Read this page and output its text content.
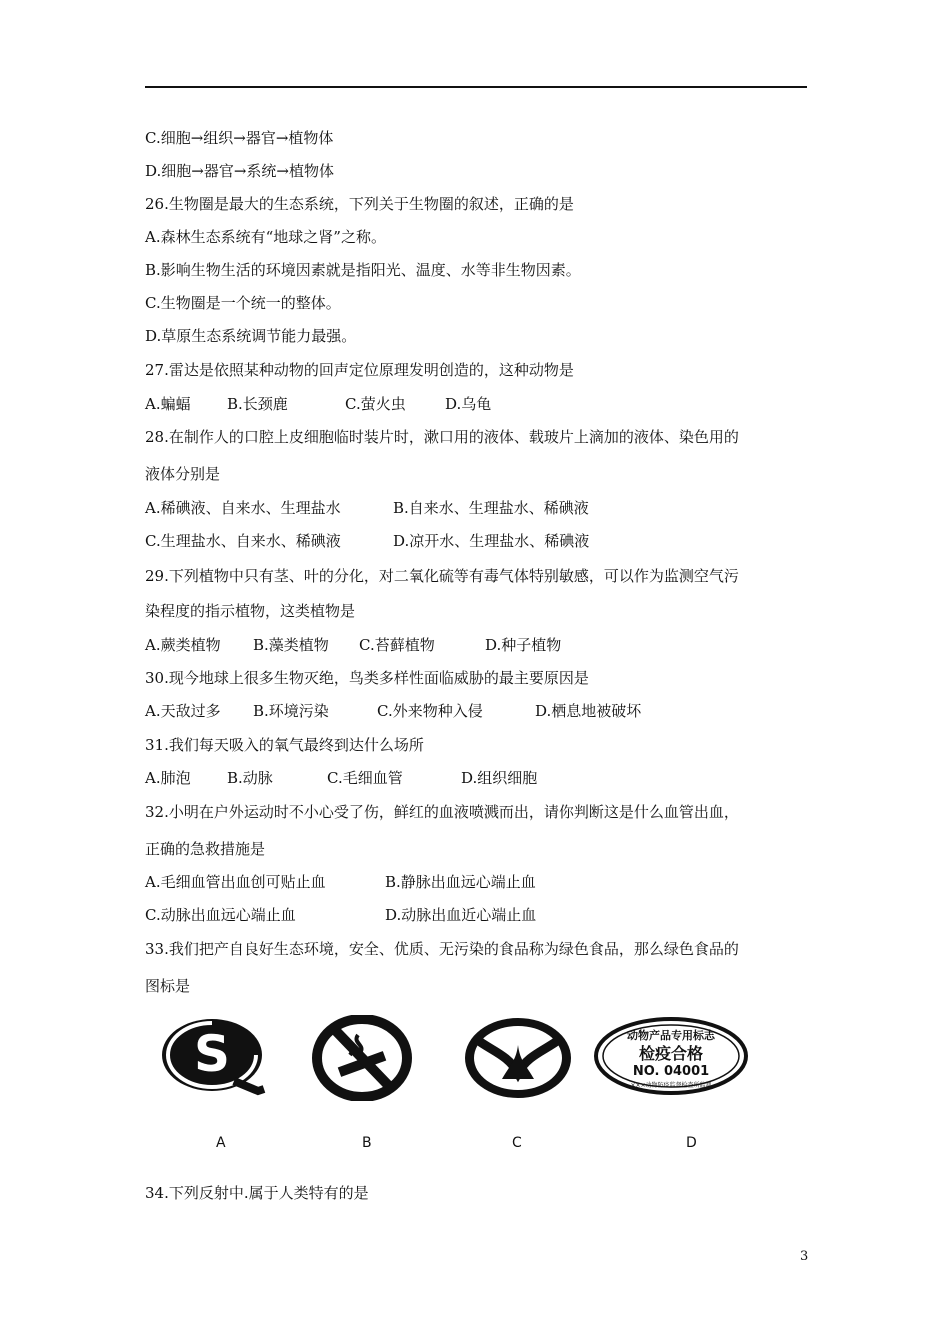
C.细胞→组织→器官→植物体
D.细胞→器官→系统→植物体
26.生物圈是最大的生态系统，下列关于生物圈的叙述，正确的是
A.森林生态系统有“地球之肾”之称。
B.影响生物生活的环境因素就是指阳光、温度、水等非生物因素。
C.生物圈是一个统一的整体。
D.草原生态系统调节能力最强。
27.雷达是依照某种动物的回声定位原理发明创造的，这种动物是
A.蝙蝠 B.长颈鹿	C.萤火虫	D.乌龟
28.在制作人的口腔上皮细胞临时装片时，漱口用的液体、载玻片上滴加的液体、染色用的
液体分别是
A.稀碘液、自来水、生理盐水	B.自来水、生理盐水、稀碘液
C.生理盐水、自来水、稀碘液	D.凉开水、生理盐水、稀碘液
29.下列植物中只有茎、叶的分化，对二氧化硫等有毒气体特别敏感，可以作为监测空气污
染程度的指示植物，这类植物是
A.蕨类植物 B.藻类植物 C.苔藓植物	D.种子植物
30.现今地球上很多生物灭绝，鸟类多样性面临威胁的最主要原因是
A.天敌过多 B.环境污染	C.外来物种入侵	D.栖息地被破坏
31.我们每天吸入的氧气最终到达什么场所
A.肺泡 B.动脉	C.毛细血管	D.组织细胞
32.小明在户外运动时不小心受了伤，鲜红的血液喷溅而出，请你判断这是什么血管出血，
正确的急救措施是
A.毛细血管出血创可贴止血	B.静脉出血远心端止血
C.动脉出血远心端止血	D.动脉出血近心端止血
33.我们把产自良好生态环境，安全、优质、无污染的食品称为绿色食品，那么绿色食品的
图标是
S	动物产品专用标志
检疫合格
NO. 04001
×××动物防疫监督检查所监制
A	B	C	D
34.下列反射中.属于人类特有的是
3
